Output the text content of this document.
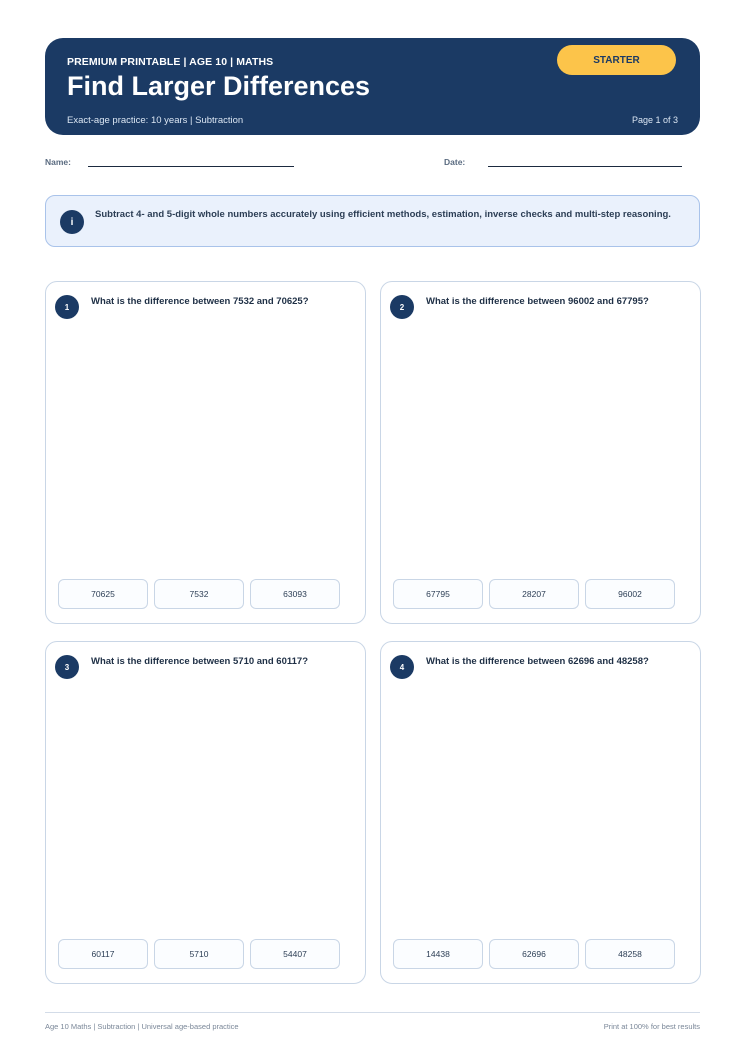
PREMIUM PRINTABLE | AGE 10 | MATHS
Find Larger Differences
Exact-age practice: 10 years | Subtraction	Page 1 of 3
STARTER
Name:	Date:
i
Subtract 4- and 5-digit whole numbers accurately using efficient methods, estimation, inverse checks and multi-step reasoning.
1	What is the difference between 7532 and 70625?
70625	7532	63093
2	What is the difference between 96002 and 67795?
67795	28207	96002
3	What is the difference between 5710 and 60117?
60117	5710	54407
4	What is the difference between 62696 and 48258?
14438	62696	48258
Age 10 Maths | Subtraction | Universal age-based practice	Print at 100% for best results
